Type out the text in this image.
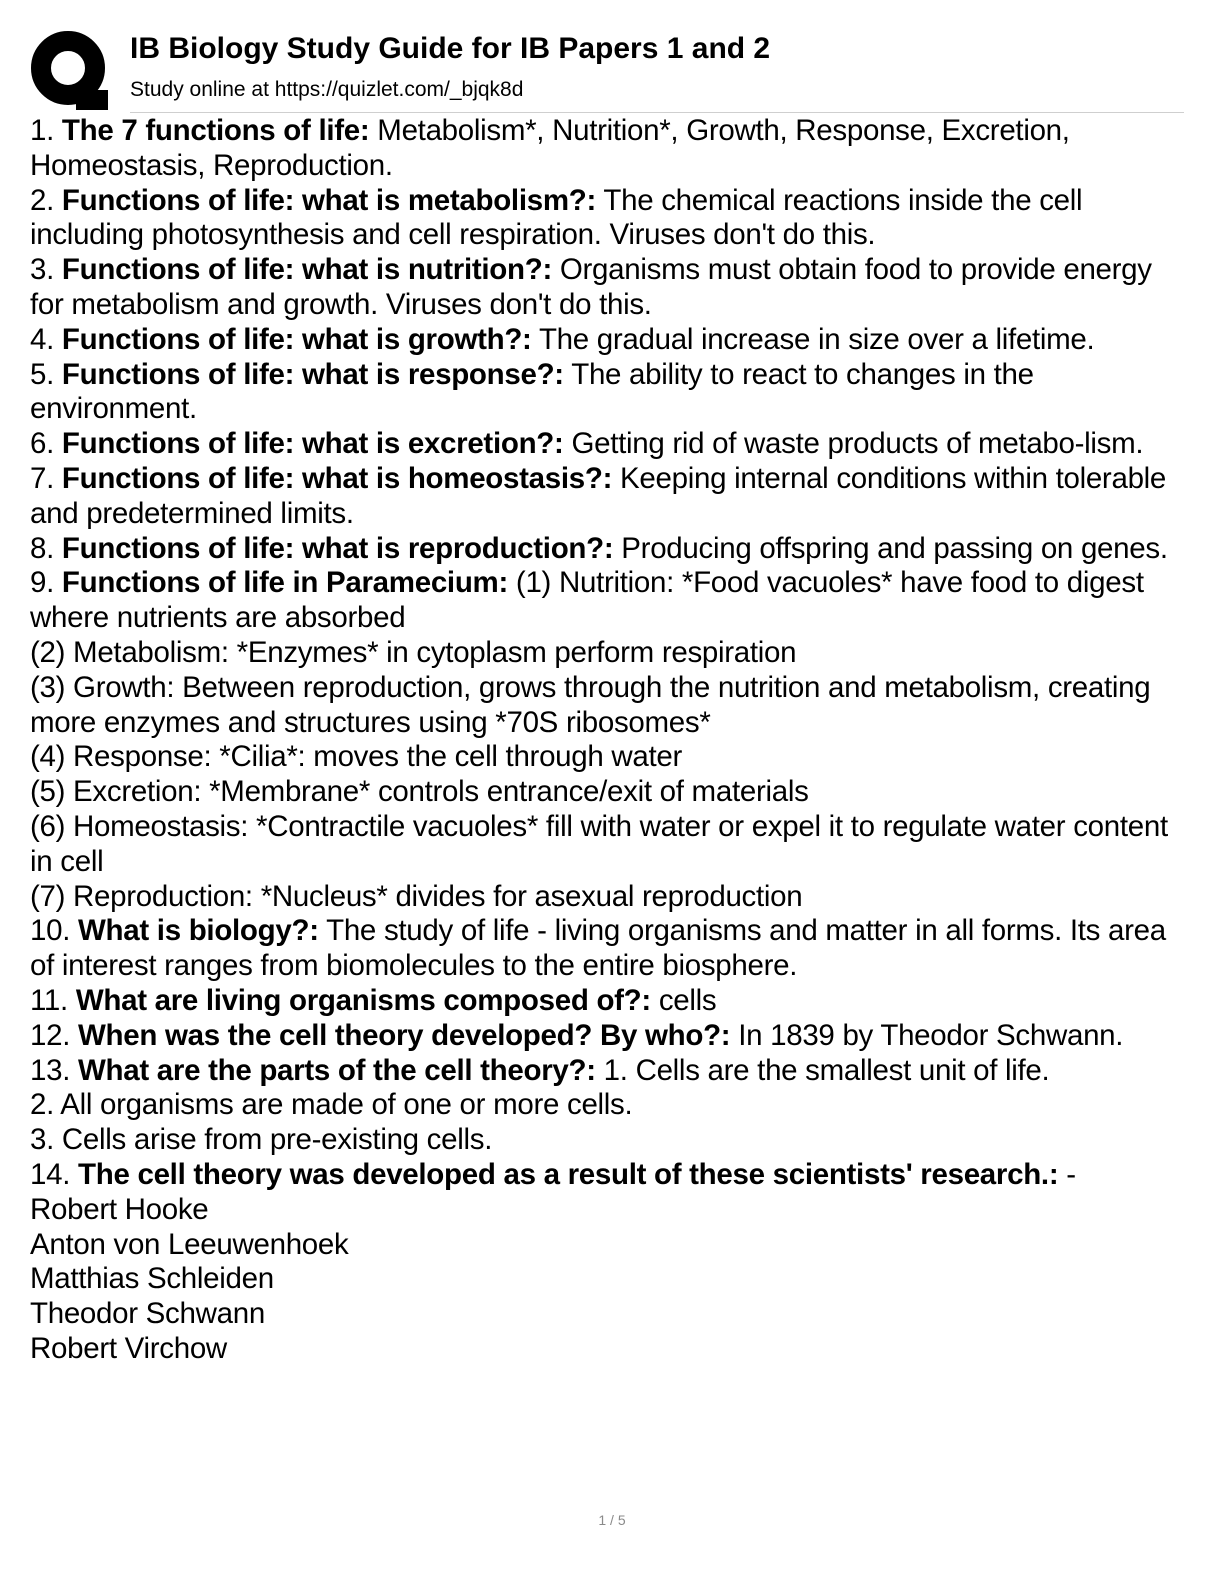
IB Biology Study Guide for IB Papers 1 and 2
Study online at https://quizlet.com/_bjqk8d

1. The 7 functions of life: Metabolism*, Nutrition*, Growth, Response, Excretion, Homeostasis, Reproduction.

2. Functions of life: what is metabolism?: The chemical reactions inside the cell including photosynthesis and cell respiration. Viruses don't do this.

3. Functions of life: what is nutrition?: Organisms must obtain food to provide energy for metabolism and growth. Viruses don't do this.

4. Functions of life: what is growth?: The gradual increase in size over a lifetime.

5. Functions of life: what is response?: The ability to react to changes in the environment.

6. Functions of life: what is excretion?: Getting rid of waste products of metabo-lism.

7. Functions of life: what is homeostasis?: Keeping internal conditions within tolerable and predetermined limits.

8. Functions of life: what is reproduction?: Producing offspring and passing on genes.

9. Functions of life in Paramecium: (1) Nutrition: *Food vacuoles* have food to digest where nutrients are absorbed

(2) Metabolism: *Enzymes* in cytoplasm perform respiration

(3) Growth: Between reproduction, grows through the nutrition and metabolism, creating more enzymes and structures using *70S ribosomes*

(4) Response: *Cilia*: moves the cell through water

(5) Excretion: *Membrane* controls entrance/exit of materials

(6) Homeostasis: *Contractile vacuoles* fill with water or expel it to regulate water content in cell

(7) Reproduction: *Nucleus* divides for asexual reproduction

10. What is biology?: The study of life - living organisms and matter in all forms. Its area of interest ranges from biomolecules to the entire biosphere.

11. What are living organisms composed of?: cells

12. When was the cell theory developed? By who?: In 1839 by Theodor Schwann.

13. What are the parts of the cell theory?: 1. Cells are the smallest unit of life.

2. All organisms are made of one or more cells.

3. Cells arise from pre-existing cells.

14. The cell theory was developed as a result of these scientists' research.: -

Robert Hooke

Anton von Leeuwenhoek

Matthias Schleiden

Theodor Schwann

Robert Virchow

1 / 5
